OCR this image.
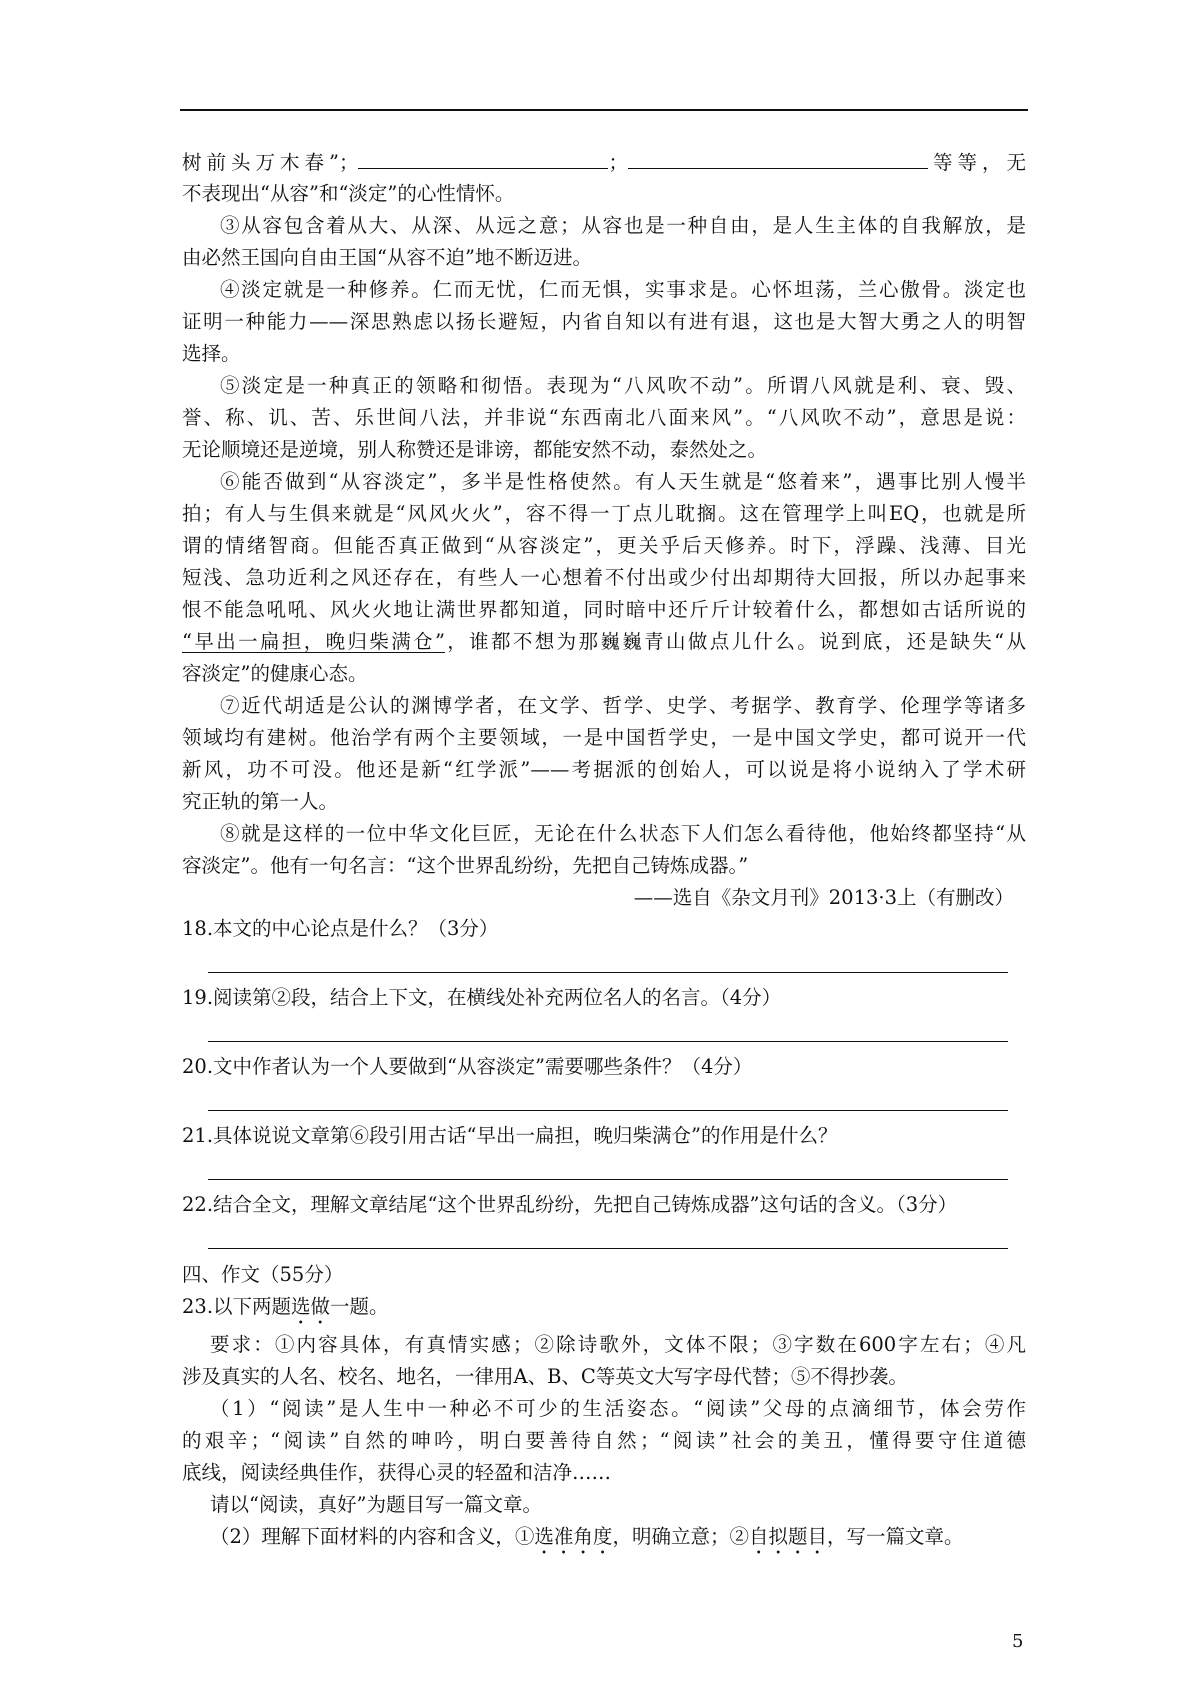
树前头万木春”；	；	等等，无
不表现出“从容”和“淡定”的心性情怀。
③从容包含着从大、从深、从远之意；从容也是一种自由，是人生主体的自我解放，是
由必然王国向自由王国“从容不迫”地不断迈进。
④淡定就是一种修养。仁而无忧，仁而无惧，实事求是。心怀坦荡，兰心傲骨。淡定也
证明一种能力——深思熟虑以扬长避短，内省自知以有进有退，这也是大智大勇之人的明智
选择。
⑤淡定是一种真正的领略和彻悟。表现为“八风吹不动”。所谓八风就是利、衰、毁、
誉、称、讥、苦、乐世间八法，并非说“东西南北八面来风”。“八风吹不动”，意思是说：
无论顺境还是逆境，别人称赞还是诽谤，都能安然不动，泰然处之。
⑥能否做到“从容淡定”，多半是性格使然。有人天生就是“悠着来”，遇事比别人慢半
拍；有人与生俱来就是“风风火火”，容不得一丁点儿耽搁。这在管理学上叫EQ，也就是所
谓的情绪智商。但能否真正做到“从容淡定”，更关乎后天修养。时下，浮躁、浅薄、目光
短浅、急功近利之风还存在，有些人一心想着不付出或少付出却期待大回报，所以办起事来
恨不能急吼吼、风火火地让满世界都知道，同时暗中还斤斤计较着什么，都想如古话所说的
“早出一扁担，晚归柴满仓”，谁都不想为那巍巍青山做点儿什么。说到底，还是缺失“从
容淡定”的健康心态。
⑦近代胡适是公认的渊博学者，在文学、哲学、史学、考据学、教育学、伦理学等诸多
领域均有建树。他治学有两个主要领域，一是中国哲学史，一是中国文学史，都可说开一代
新风，功不可没。他还是新“红学派”——考据派的创始人，可以说是将小说纳入了学术研
究正轨的第一人。
⑧就是这样的一位中华文化巨匠，无论在什么状态下人们怎么看待他，他始终都坚持“从
容淡定”。他有一句名言：“这个世界乱纷纷，先把自己铸炼成器。”
——选自《杂文月刊》2013·3上（有删改）
18.本文的中心论点是什么？（3分）
19.阅读第②段，结合上下文，在横线处补充两位名人的名言。（4分）
20.文中作者认为一个人要做到“从容淡定”需要哪些条件？（4分）
21.具体说说文章第⑥段引用古话“早出一扁担，晚归柴满仓”的作用是什么？
22.结合全文，理解文章结尾“这个世界乱纷纷，先把自己铸炼成器”这句话的含义。（3分）
四、作文（55分）
23.以下两题选做一题。
要求：①内容具体，有真情实感；②除诗歌外，文体不限；③字数在600字左右；④凡
涉及真实的人名、校名、地名，一律用A、B、C等英文大写字母代替；⑤不得抄袭。
（1）“阅读”是人生中一种必不可少的生活姿态。“阅读”父母的点滴细节，体会劳作
的艰辛；“阅读”自然的呻吟，明白要善待自然；“阅读”社会的美丑，懂得要守住道德
底线，阅读经典佳作，获得心灵的轻盈和洁净……
请以“阅读，真好”为题目写一篇文章。
（2）理解下面材料的内容和含义，①选准角度，明确立意；②自拟题目，写一篇文章。
5
